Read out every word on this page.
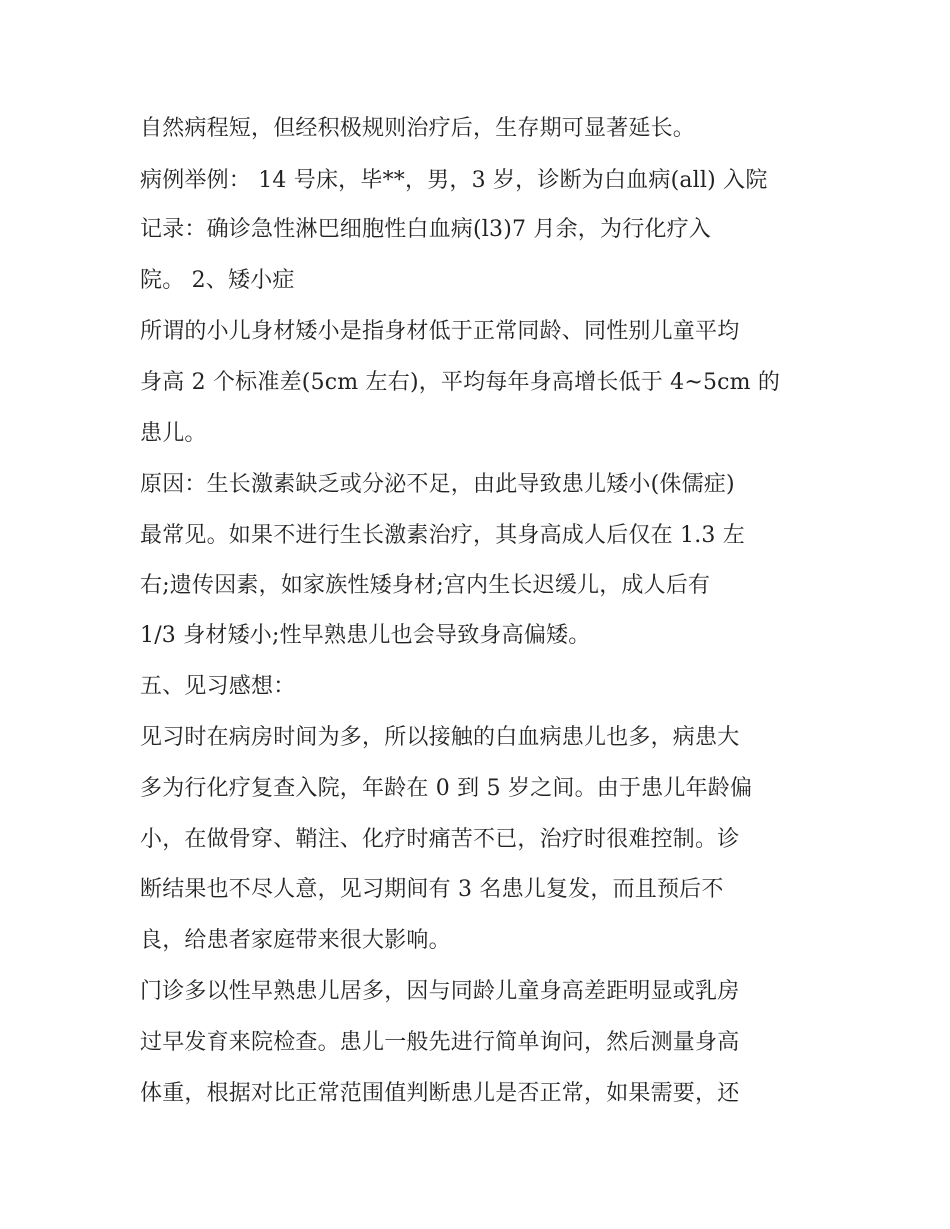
自然病程短，但经积极规则治疗后，生存期可显著延长。
病例举例： 14 号床，毕**，男，3 岁，诊断为白血病(all) 入院
记录：确诊急性淋巴细胞性白血病(l3)7 月余，为行化疗入
院。 2、矮小症
所谓的小儿身材矮小是指身材低于正常同龄、同性别儿童平均
身高 2 个标准差(5cm 左右)，平均每年身高增长低于 4~5cm 的
患儿。
原因：生长激素缺乏或分泌不足，由此导致患儿矮小(侏儒症)
最常见。如果不进行生长激素治疗，其身高成人后仅在 1.3 左
右;遗传因素，如家族性矮身材;宫内生长迟缓儿，成人后有
1/3 身材矮小;性早熟患儿也会导致身高偏矮。
五、见习感想：
见习时在病房时间为多，所以接触的白血病患儿也多，病患大
多为行化疗复查入院，年龄在 0 到 5 岁之间。由于患儿年龄偏
小，在做骨穿、鞘注、化疗时痛苦不已，治疗时很难控制。诊
断结果也不尽人意，见习期间有 3 名患儿复发，而且预后不
良，给患者家庭带来很大影响。
门诊多以性早熟患儿居多，因与同龄儿童身高差距明显或乳房
过早发育来院检查。患儿一般先进行简单询问，然后测量身高
体重，根据对比正常范围值判断患儿是否正常，如果需要，还
